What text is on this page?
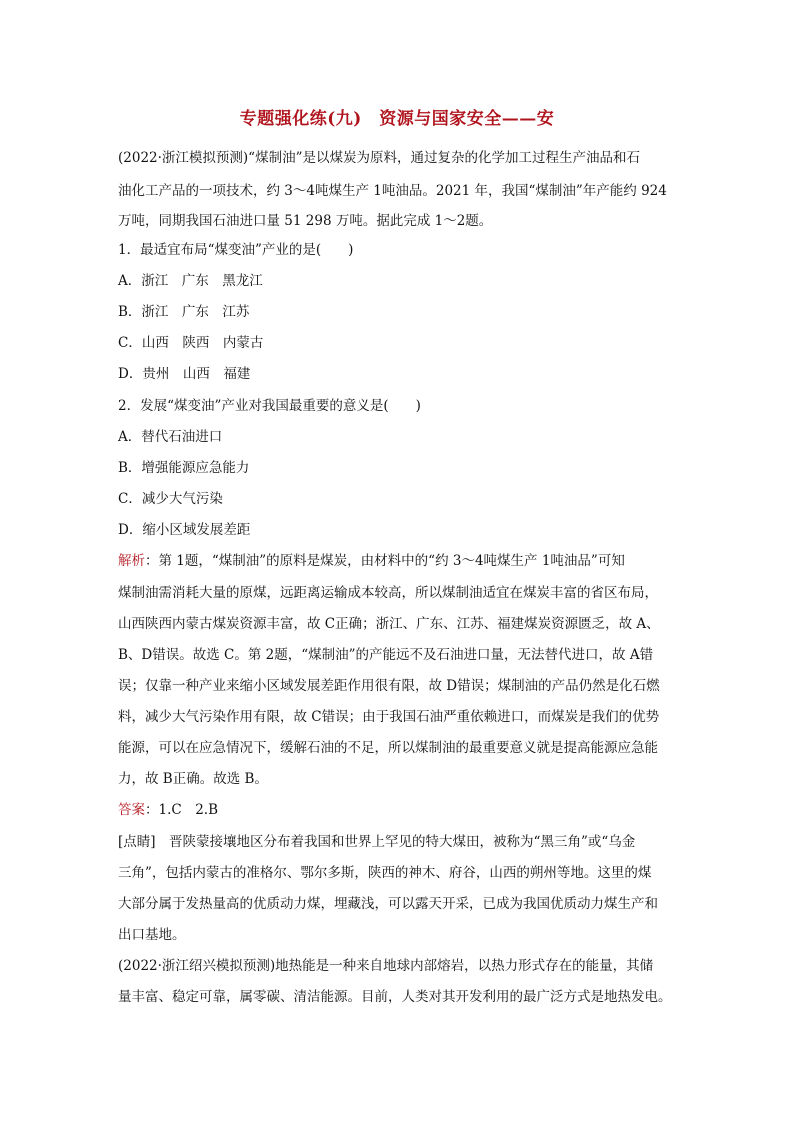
专题强化练(九)　资源与国家安全——安
(2022·浙江模拟预测)“煤制油”是以煤炭为原料，通过复杂的化学加工过程生产油品和石
油化工产品的一项技术，约 3～4吨煤生产 1吨油品。2021 年，我国“煤制油”年产能约 924
万吨，同期我国石油进口量 51 298 万吨。据此完成 1～2题。
1．最适宜布局“煤变油”产业的是(　　)
A．浙江　广东　黑龙江
B．浙江　广东　江苏
C．山西　陕西　内蒙古
D．贵州　山西　福建
2．发展“煤变油”产业对我国最重要的意义是(　　)
A．替代石油进口
B．增强能源应急能力
C．减少大气污染
D．缩小区域发展差距
解析：第 1题，“煤制油”的原料是煤炭，由材料中的“约 3～4吨煤生产 1吨油品”可知
煤制油需消耗大量的原煤，远距离运输成本较高，所以煤制油适宜在煤炭丰富的省区布局，
山西陕西内蒙古煤炭资源丰富，故 C正确；浙江、广东、江苏、福建煤炭资源匮乏，故 A、
B、D错误。故选 C。第 2题，“煤制油”的产能远不及石油进口量，无法替代进口，故 A错
误；仅靠一种产业来缩小区域发展差距作用很有限，故 D错误；煤制油的产品仍然是化石燃
料，减少大气污染作用有限，故 C错误；由于我国石油严重依赖进口，而煤炭是我们的优势
能源，可以在应急情况下，缓解石油的不足，所以煤制油的最重要意义就是提高能源应急能
力，故 B正确。故选 B。
答案：1.C　2.B
[点睛]　晋陕蒙接壤地区分布着我国和世界上罕见的特大煤田，被称为“黑三角”或“乌金
三角”，包括内蒙古的准格尔、鄂尔多斯，陕西的神木、府谷，山西的朔州等地。这里的煤
大部分属于发热量高的优质动力煤，埋藏浅，可以露天开采，已成为我国优质动力煤生产和
出口基地。
(2022·浙江绍兴模拟预测)地热能是一种来自地球内部熔岩，以热力形式存在的能量，其储
量丰富、稳定可靠，属零碳、清洁能源。目前，人类对其开发利用的最广泛方式是地热发电。
